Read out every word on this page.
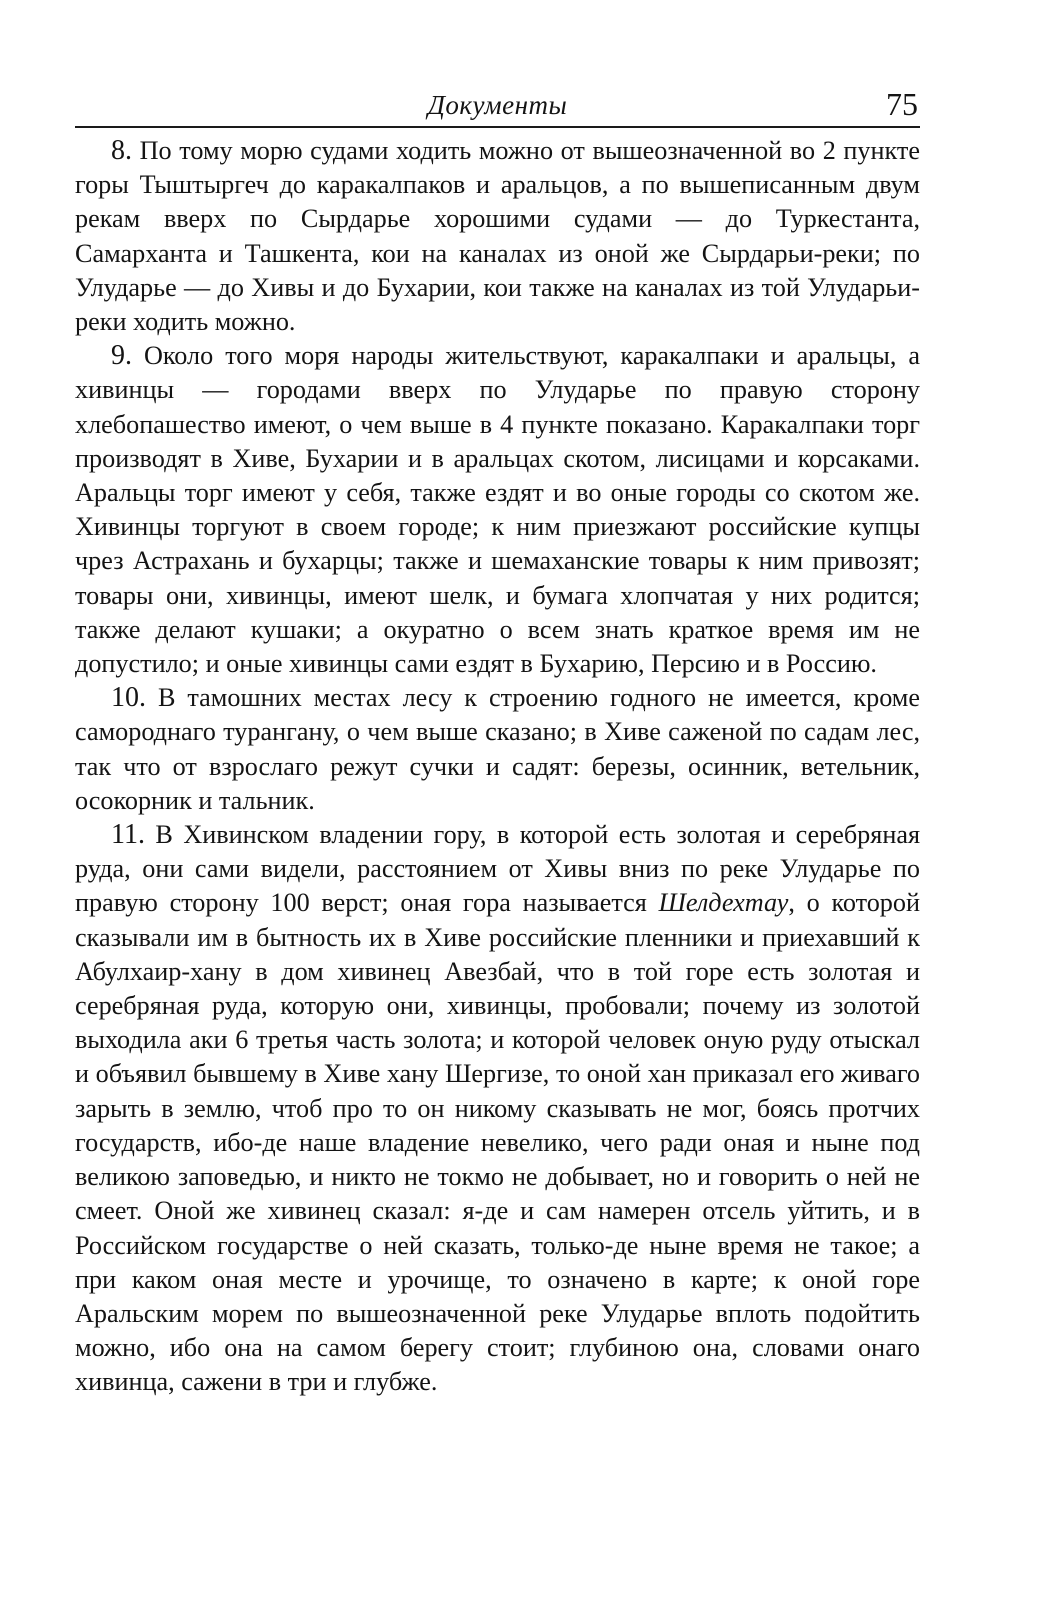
Документы	75

8. По тому морю судами ходить можно от вышеозначенной во 2 пункте горы Тыштыргеч до каракалпаков и аральцов, а по вышеписанным двум рекам вверх по Сырдарье хорошими судами — до Туркестанта, Самарханта и Ташкента, кои на каналах из оной же Сырдарьи-реки; по Улударье — до Хивы и до Бухарии, кои также на каналах из той Улударьи-реки ходить можно.

9. Около того моря народы жительствуют, каракалпаки и аральцы, а хивинцы — городами вверх по Улударье по правую сторону хлебопашество имеют, о чем выше в 4 пункте показано. Каракалпаки торг производят в Хиве, Бухарии и в аральцах скотом, лисицами и корсаками. Аральцы торг имеют у себя, также ездят и во оные городы со скотом же. Хивинцы торгуют в своем городе; к ним приезжают российские купцы чрез Астрахань и бухарцы; также и шемаханские товары к ним привозят; товары они, хивинцы, имеют шелк, и бумага хлопчатая у них родится; также делают кушаки; а окуратно о всем знать краткое время им не допустило; и оные хивинцы сами ездят в Бухарию, Персию и в Россию.

10. В тамошних местах лесу к строению годного не имеется, кроме самороднаго турангану, о чем выше сказано; в Хиве саженой по садам лес, так что от взрослаго режут сучки и садят: березы, осинник, ветельник, осокорник и тальник.

11. В Хивинском владении гору, в которой есть золотая и серебряная руда, они сами видели, расстоянием от Хивы вниз по реке Улударье по правую сторону 100 верст; оная гора называется Шелдехтау, о которой сказывали им в бытность их в Хиве российские пленники и приехавший к Абулхаир-хану в дом хивинец Авезбай, что в той горе есть золотая и серебряная руда, которую они, хивинцы, пробовали; почему из золотой выходила аки 6 третья часть золота; и которой человек оную руду отыскал и объявил бывшему в Хиве хану Шергизе, то оной хан приказал его живаго зарыть в землю, чтоб про то он никому сказывать не мог, боясь протчих государств, ибо-де наше владение невелико, чего ради оная и ныне под великою заповедью, и никто не токмо не добывает, но и говорить о ней не смеет. Оной же хивинец сказал: я-де и сам намерен отсель уйтить, и в Российском государстве о ней сказать, только-де ныне время не такое; а при каком оная месте и урочище, то означено в карте; к оной горе Аральским морем по вышеозначенной реке Улударье вплоть подойтить можно, ибо она на самом берегу стоит; глубиною она, словами онаго хивинца, сажени в три и глубже.
